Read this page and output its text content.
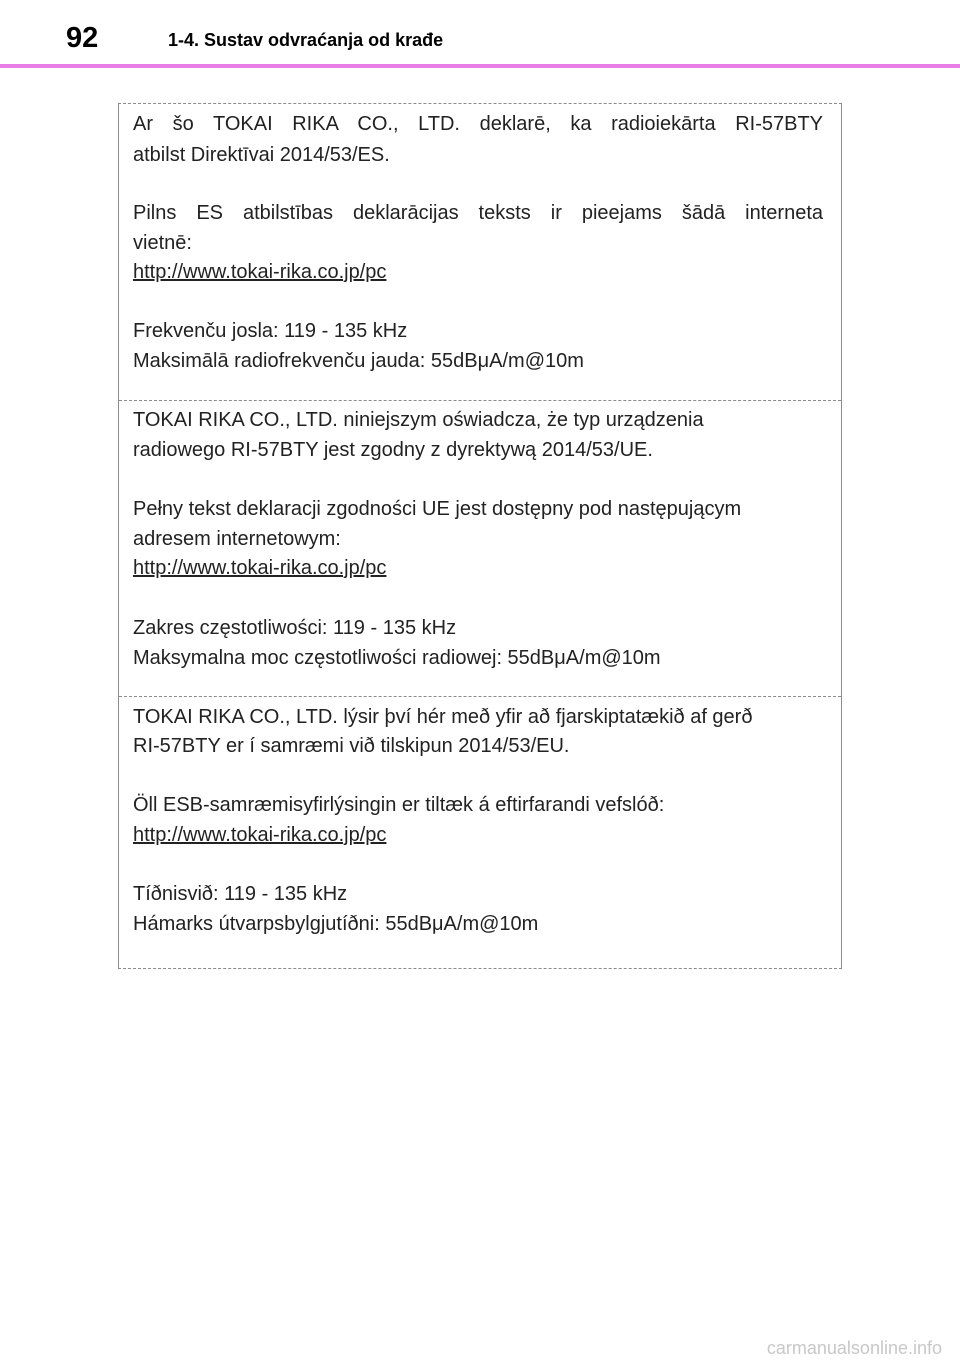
92	1-4. Sustav odvraćanja od krađe
Ar šo TOKAI RIKA CO., LTD. deklarē, ka radioiekārta RI-57BTY
atbilst Direktīvai 2014/53/ES.
Pilns ES atbilstības deklarācijas teksts ir pieejams šādā interneta
vietnē:
http://www.tokai-rika.co.jp/pc
Frekvenču josla: 119 - 135 kHz
Maksimālā radiofrekvenču jauda: 55dBμA/m@10m
TOKAI RIKA CO., LTD. niniejszym oświadcza, że typ urządzenia
radiowego RI-57BTY jest zgodny z dyrektywą 2014/53/UE.
Pełny tekst deklaracji zgodności UE jest dostępny pod następującym
adresem internetowym:
http://www.tokai-rika.co.jp/pc
Zakres częstotliwości: 119 - 135 kHz
Maksymalna moc częstotliwości radiowej: 55dBμA/m@10m
TOKAI RIKA CO., LTD. lýsir því hér með yfir að fjarskiptatækið af gerð
RI-57BTY er í samræmi við tilskipun 2014/53/EU.
Öll ESB-samræmisyfirlýsingin er tiltæk á eftirfarandi vefslóð:
http://www.tokai-rika.co.jp/pc
Tíðnisvið: 119 - 135 kHz
Hámarks útvarpsbylgjutíðni: 55dBμA/m@10m
carmanualsonline.info
